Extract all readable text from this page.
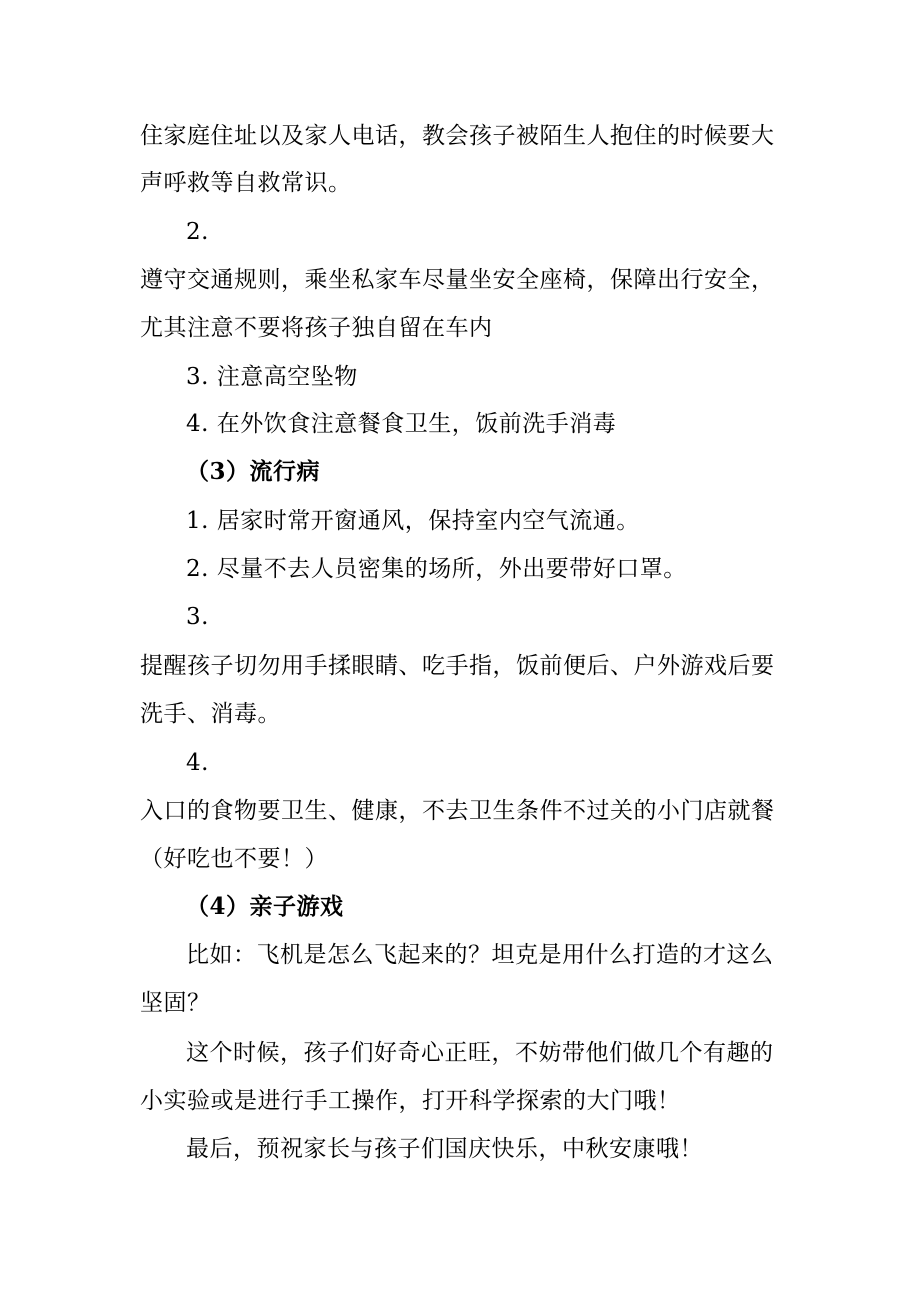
住家庭住址以及家人电话，教会孩子被陌生人抱住的时候要大
声呼救等自救常识。
2.
遵守交通规则，乘坐私家车尽量坐安全座椅，保障出行安全，
尤其注意不要将孩子独自留在车内
3. 注意高空坠物
4. 在外饮食注意餐食卫生，饭前洗手消毒
（3）流行病
1. 居家时常开窗通风，保持室内空气流通。
2. 尽量不去人员密集的场所，外出要带好口罩。
3.
提醒孩子切勿用手揉眼睛、吃手指，饭前便后、户外游戏后要
洗手、消毒。
4.
入口的食物要卫生、健康，不去卫生条件不过关的小门店就餐
（好吃也不要！）
（4）亲子游戏
比如：飞机是怎么飞起来的？坦克是用什么打造的才这么
坚固？
这个时候，孩子们好奇心正旺，不妨带他们做几个有趣的
小实验或是进行手工操作，打开科学探索的大门哦！
最后，预祝家长与孩子们国庆快乐，中秋安康哦！
